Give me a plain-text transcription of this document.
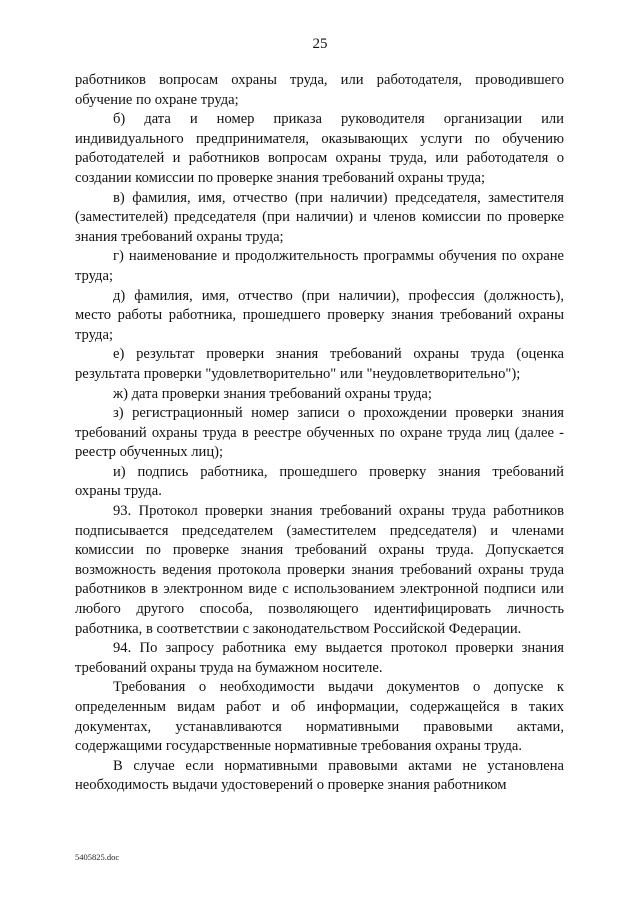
25

работников вопросам охраны труда, или работодателя, проводившего обучение по охране труда;

б) дата и номер приказа руководителя организации или индивидуального предпринимателя, оказывающих услуги по обучению работодателей и работников вопросам охраны труда, или работодателя о создании комиссии по проверке знания требований охраны труда;

в) фамилия, имя, отчество (при наличии) председателя, заместителя (заместителей) председателя (при наличии) и членов комиссии по проверке знания требований охраны труда;

г) наименование и продолжительность программы обучения по охране труда;

д) фамилия, имя, отчество (при наличии), профессия (должность), место работы работника, прошедшего проверку знания требований охраны труда;

е) результат проверки знания требований охраны труда (оценка результата проверки "удовлетворительно" или "неудовлетворительно");

ж) дата проверки знания требований охраны труда;

з) регистрационный номер записи о прохождении проверки знания требований охраны труда в реестре обученных по охране труда лиц (далее - реестр обученных лиц);

и) подпись работника, прошедшего проверку знания требований охраны труда.

93. Протокол проверки знания требований охраны труда работников подписывается председателем (заместителем председателя) и членами комиссии по проверке знания требований охраны труда. Допускается возможность ведения протокола проверки знания требований охраны труда работников в электронном виде с использованием электронной подписи или любого другого способа, позволяющего идентифицировать личность работника, в соответствии с законодательством Российской Федерации.

94. По запросу работника ему выдается протокол проверки знания требований охраны труда на бумажном носителе.

Требования о необходимости выдачи документов о допуске к определенным видам работ и об информации, содержащейся в таких документах, устанавливаются нормативными правовыми актами, содержащими государственные нормативные требования охраны труда.

В случае если нормативными правовыми актами не установлена необходимость выдачи удостоверений о проверке знания работником

5405825.doc
